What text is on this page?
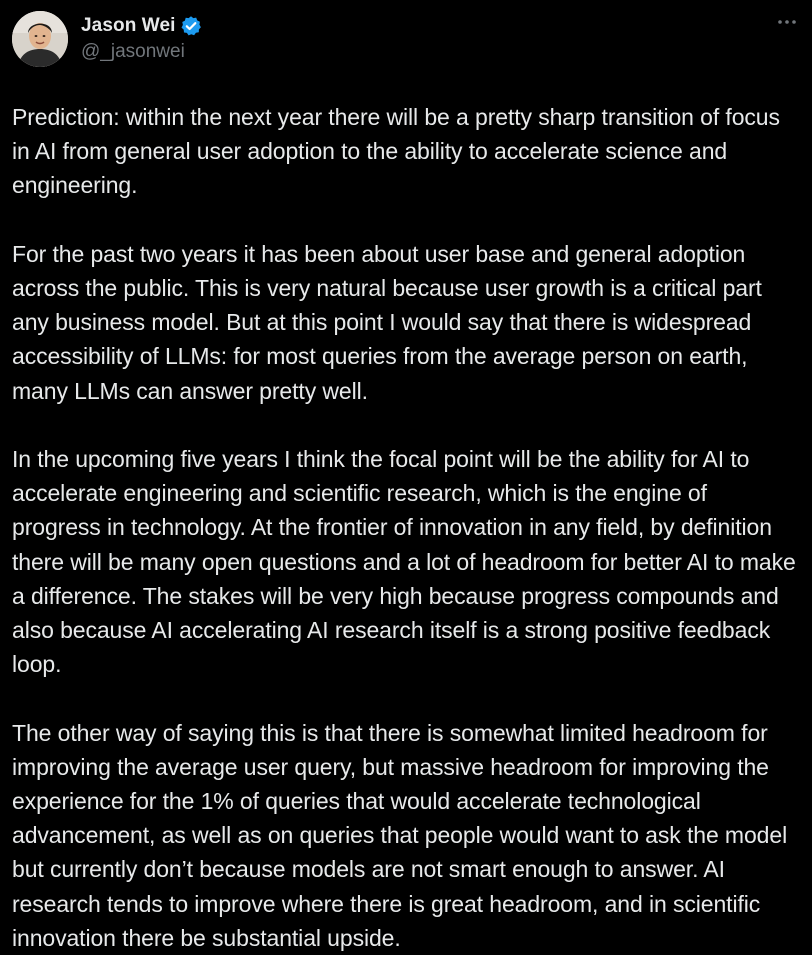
Jason Wei
@_jasonwei

Prediction: within the next year there will be a pretty sharp transition of focus in AI from general user adoption to the ability to accelerate science and engineering.

For the past two years it has been about user base and general adoption across the public. This is very natural because user growth is a critical part any business model. But at this point I would say that there is widespread accessibility of LLMs: for most queries from the average person on earth, many LLMs can answer pretty well.

In the upcoming five years I think the focal point will be the ability for AI to accelerate engineering and scientific research, which is the engine of progress in technology. At the frontier of innovation in any field, by definition there will be many open questions and a lot of headroom for better AI to make a difference. The stakes will be very high because progress compounds and also because AI accelerating AI research itself is a strong positive feedback loop.

The other way of saying this is that there is somewhat limited headroom for improving the average user query, but massive headroom for improving the experience for the 1% of queries that would accelerate technological advancement, as well as on queries that people would want to ask the model but currently don’t because models are not smart enough to answer. AI research tends to improve where there is great headroom, and in scientific innovation there be substantial upside.
